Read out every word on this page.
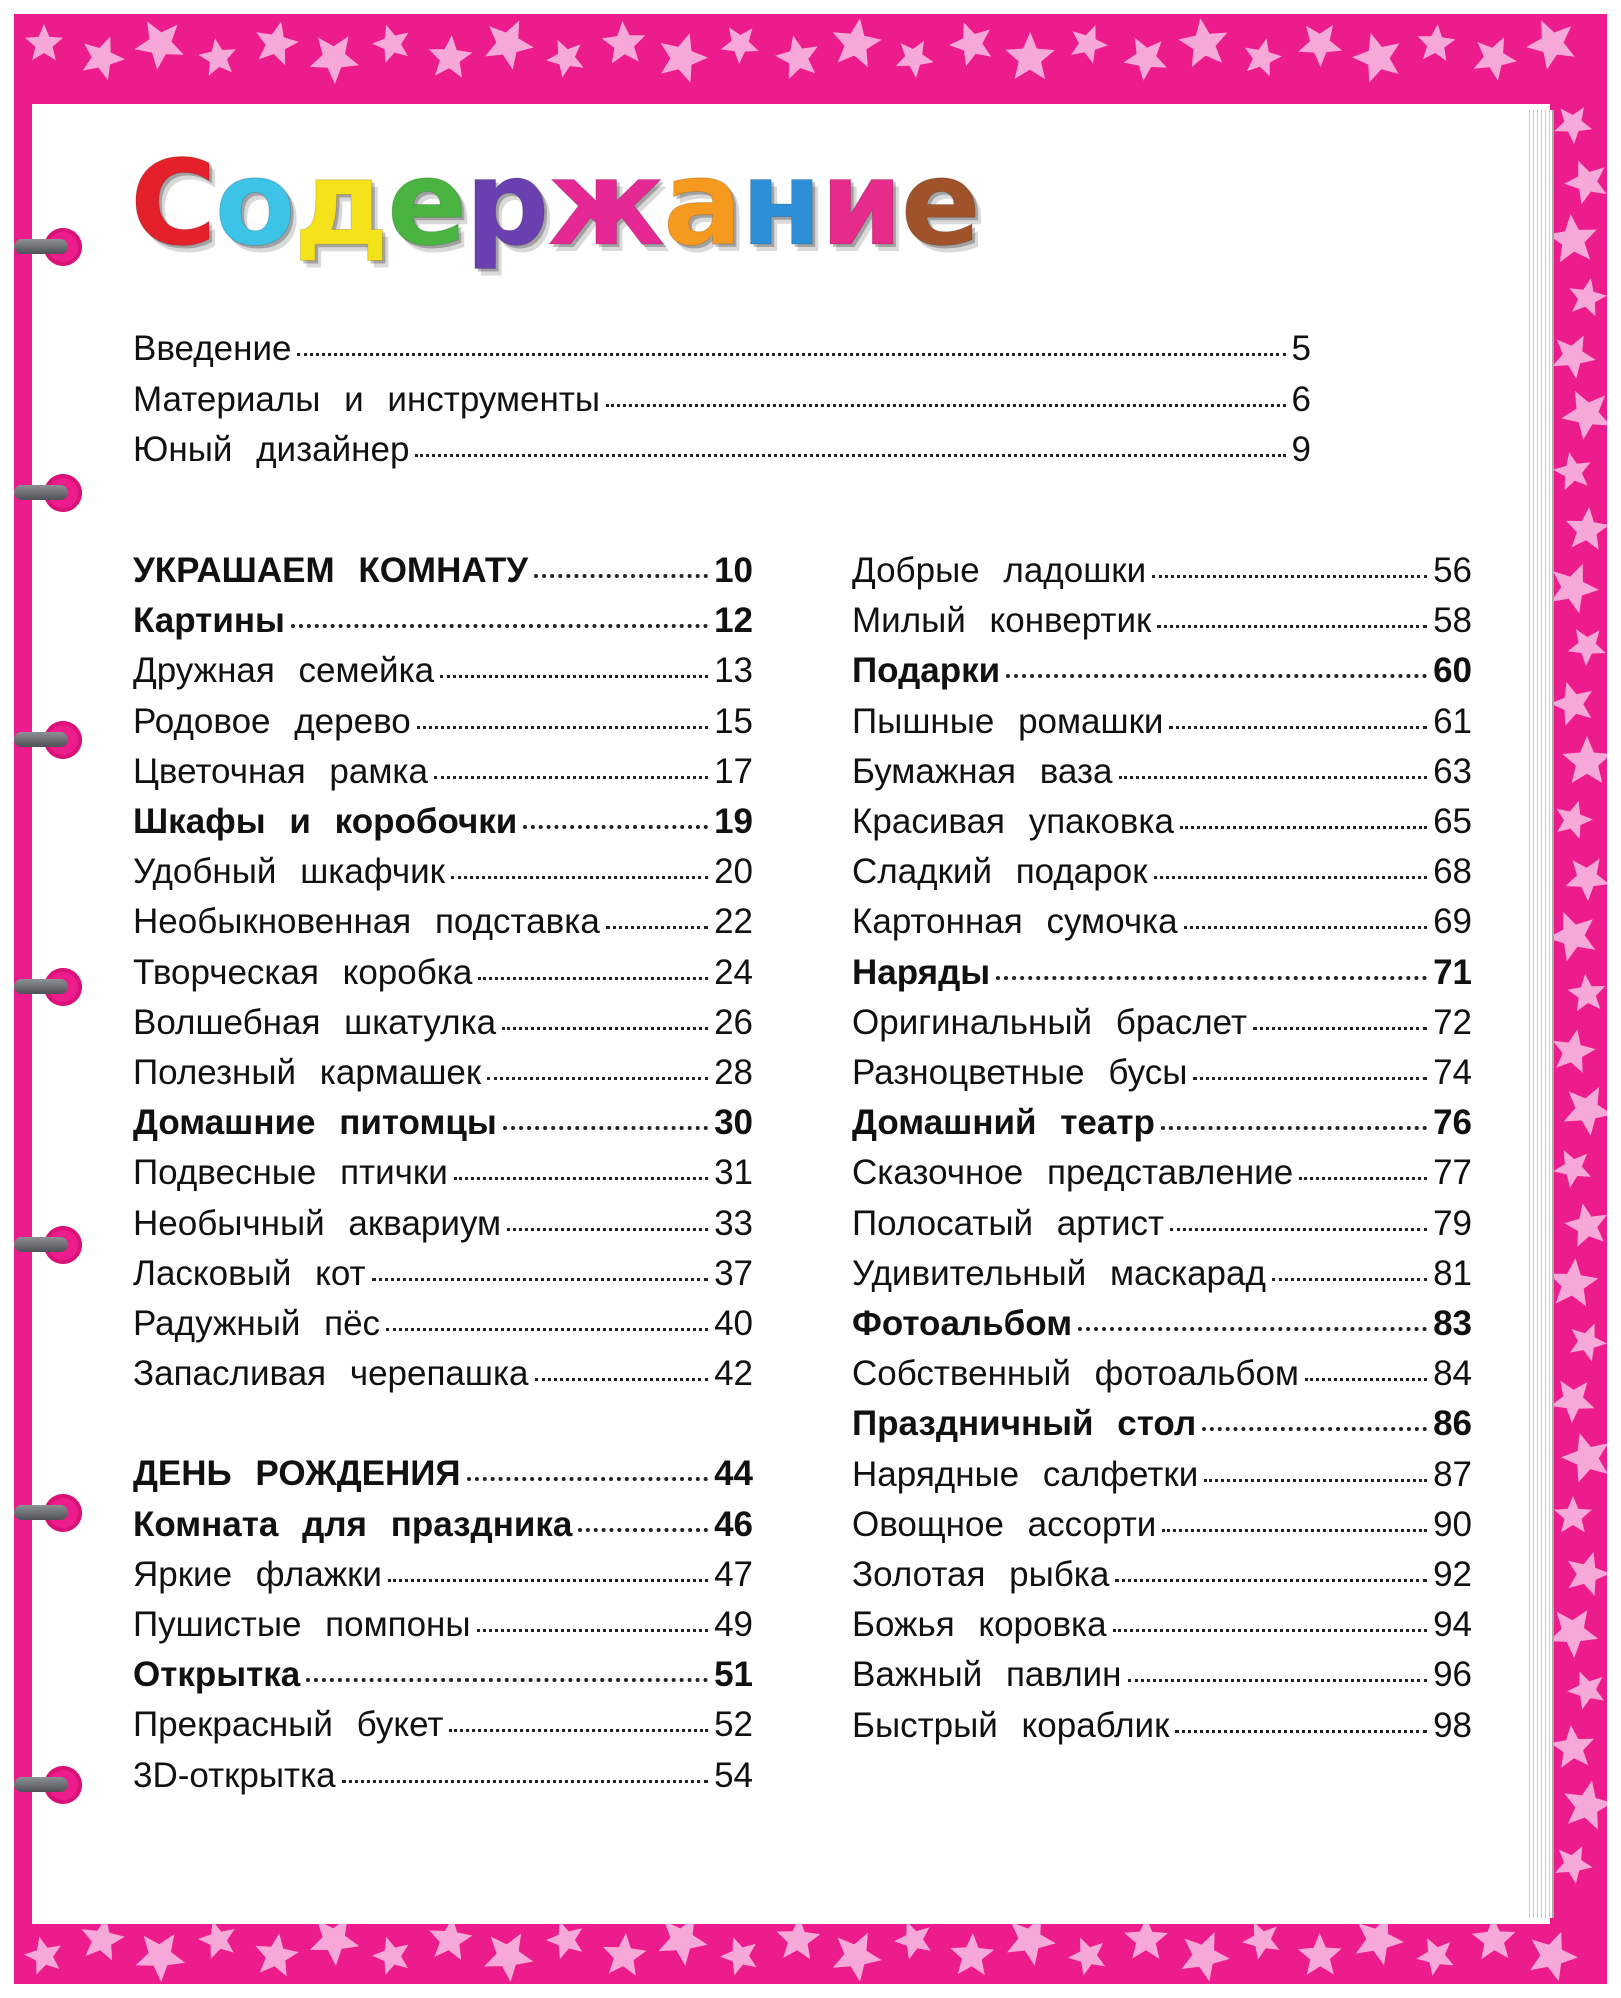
Содержание
Введение	5
Материалы и инструменты	6
Юный дизайнер	9
УКРАШАЕМ КОМНАТУ	10
Картины	12
Дружная семейка	13
Родовое дерево	15
Цветочная рамка	17
Шкафы и коробочки	19
Удобный шкафчик	20
Необыкновенная подставка	22
Творческая коробка	24
Волшебная шкатулка	26
Полезный кармашек	28
Домашние питомцы	30
Подвесные птички	31
Необычный аквариум	33
Ласковый кот	37
Радужный пёс	40
Запасливая черепашка	42
ДЕНЬ РОЖДЕНИЯ	44
Комната для праздника	46
Яркие флажки	47
Пушистые помпоны	49
Открытка	51
Прекрасный букет	52
3D-открытка	54
Добрые ладошки	56
Милый конвертик	58
Подарки	60
Пышные ромашки	61
Бумажная ваза	63
Красивая упаковка	65
Сладкий подарок	68
Картонная сумочка	69
Наряды	71
Оригинальный браслет	72
Разноцветные бусы	74
Домашний театр	76
Сказочное представление	77
Полосатый артист	79
Удивительный маскарад	81
Фотоальбом	83
Собственный фотоальбом	84
Праздничный стол	86
Нарядные салфетки	87
Овощное ассорти	90
Золотая рыбка	92
Божья коровка	94
Важный павлин	96
Быстрый кораблик	98
